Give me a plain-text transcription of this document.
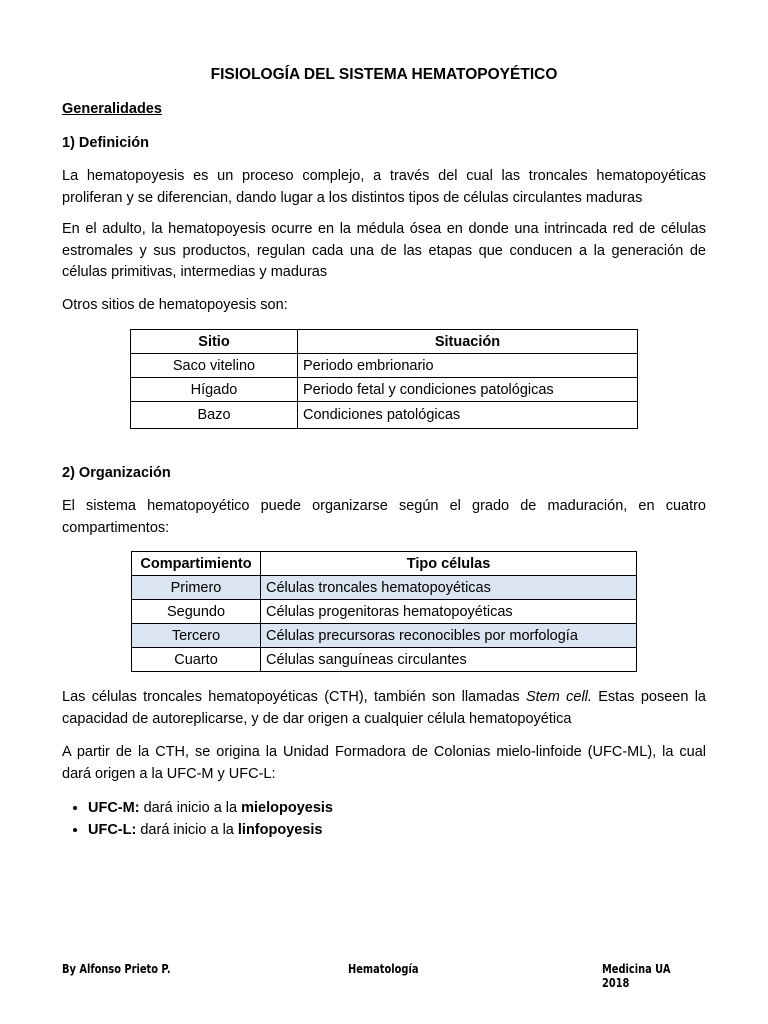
FISIOLOGÍA DEL SISTEMA HEMATOPOYÉTICO
Generalidades
1) Definición
La hematopoyesis es un proceso complejo, a través del cual las troncales hematopoyéticas proliferan y se diferencian, dando lugar a los distintos tipos de células circulantes maduras
En el adulto, la hematopoyesis ocurre en la médula ósea en donde una intrincada red de células estromales y sus productos, regulan cada una de las etapas que conducen a la generación de células primitivas, intermedias y maduras
Otros sitios de hematopoyesis son:
Sitio	Situación
Saco vitelino	Periodo embrionario
Hígado	Periodo fetal y condiciones patológicas
Bazo	Condiciones patológicas
2) Organización
El sistema hematopoyético puede organizarse según el grado de maduración, en cuatro compartimentos:
Compartimiento	Tipo células
Primero	Células troncales hematopoyéticas
Segundo	Células progenitoras hematopoyéticas
Tercero	Células precursoras reconocibles por morfología
Cuarto	Células sanguíneas circulantes
Las células troncales hematopoyéticas (CTH), también son llamadas Stem cell. Estas poseen la capacidad de autoreplicarse, y de dar origen a cualquier célula hematopoyética
A partir de la CTH, se origina la Unidad Formadora de Colonias mielo-linfoide (UFC-ML), la cual dará origen a la UFC-M y UFC-L:
• UFC-M: dará inicio a la mielopoyesis
• UFC-L: dará inicio a la linfopoyesis
By Alfonso Prieto P.	Hematología	Medicina UA 2018
